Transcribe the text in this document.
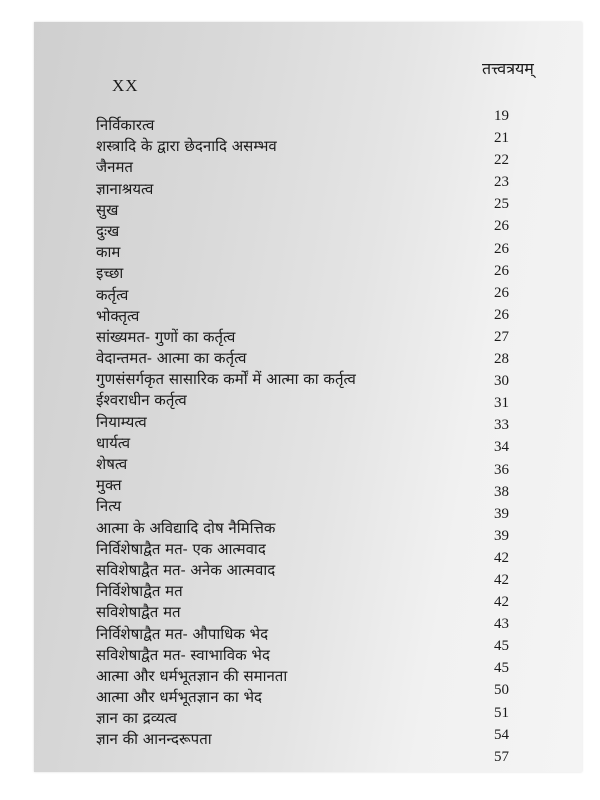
XX
तत्त्वत्रयम्
निर्विकारत्व
शस्त्रादि के द्वारा छेदनादि असम्भव
जैनमत
ज्ञानाश्रयत्व
सुख
दुःख
काम
इच्छा
कर्तृत्व
भोक्तृत्व
सांख्यमत- गुणों का कर्तृत्व
वेदान्तमत- आत्मा का कर्तृत्व
गुणसंसर्गकृत सासारिक कर्मों में आत्मा का कर्तृत्व
ईश्वराधीन कर्तृत्व
नियाम्यत्व
धार्यत्व
शेषत्व
मुक्त
नित्य
आत्मा के अविद्यादि दोष नैमित्तिक
निर्विशेषाद्वैत मत- एक आत्मवाद
सविशेषाद्वैत मत- अनेक आत्मवाद
निर्विशेषाद्वैत मत
सविशेषाद्वैत मत
निर्विशेषाद्वैत मत- औपाधिक भेद
सविशेषाद्वैत मत- स्वाभाविक भेद
आत्मा और धर्मभूतज्ञान की समानता
आत्मा और धर्मभूतज्ञान का भेद
ज्ञान का द्रव्यत्व
ज्ञान की आनन्दरूपता
19
21
22
23
25
26
26
26
26
26
27
28
30
31
33
34
36
38
39
39
42
42
42
43
45
45
50
51
54
57
